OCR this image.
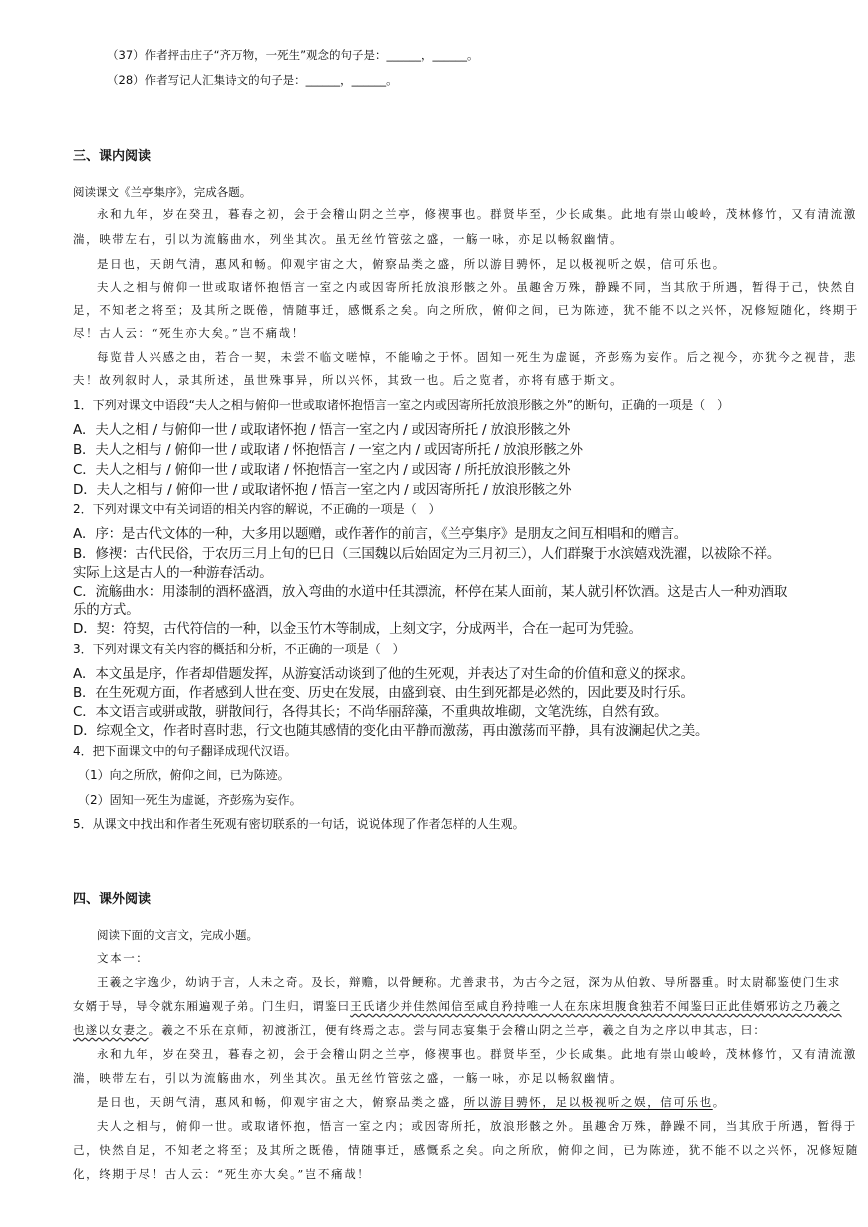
（37）作者抨击庄子“齐万物，一死生”观念的句子是：______，______。
（28）作者写记人汇集诗文的句子是：______，______。
三、课内阅读
阅读课文《兰亭集序》，完成各题。
永和九年，岁在癸丑，暮春之初，会于会稽山阴之兰亭，修禊事也。群贤毕至，少长咸集。此地有崇山峻岭，茂林修竹，又有清流激
湍，映带左右，引以为流觞曲水，列坐其次。虽无丝竹管弦之盛，一觞一咏，亦足以畅叙幽情。
是日也，天朗气清，惠风和畅。仰观宇宙之大，俯察品类之盛，所以游目骋怀，足以极视听之娱，信可乐也。
夫人之相与俯仰一世或取诸怀抱悟言一室之内或因寄所托放浪形骸之外。虽趣舍万殊，静躁不同，当其欣于所遇，暂得于己，快然自
足，不知老之将至；及其所之既倦，情随事迁，感慨系之矣。向之所欣，俯仰之间，已为陈迹，犹不能不以之兴怀，况修短随化，终期于
尽！古人云：“死生亦大矣。”岂不痛哉！
每览昔人兴感之由，若合一契，未尝不临文嗟悼，不能喻之于怀。固知一死生为虚诞，齐彭殇为妄作。后之视今，亦犹今之视昔，悲
夫！故列叙时人，录其所述，虽世殊事异，所以兴怀，其致一也。后之览者，亦将有感于斯文。
1．下列对课文中语段“夫人之相与俯仰一世或取诸怀抱悟言一室之内或因寄所托放浪形骸之外”的断句，正确的一项是（　）
A．夫人之相 / 与俯仰一世 / 或取诸怀抱 / 悟言一室之内 / 或因寄所托 / 放浪形骸之外
B．夫人之相与 / 俯仰一世 / 或取诸 / 怀抱悟言 / 一室之内 / 或因寄所托 / 放浪形骸之外
C．夫人之相与 / 俯仰一世 / 或取诸 / 怀抱悟言一室之内 / 或因寄 / 所托放浪形骸之外
D．夫人之相与 / 俯仰一世 / 或取诸怀抱 / 悟言一室之内 / 或因寄所托 / 放浪形骸之外
2．下列对课文中有关词语的相关内容的解说，不正确的一项是（　）
A．序：是古代文体的一种，大多用以题赠，或作著作的前言，《兰亭集序》是朋友之间互相唱和的赠言。
B．修禊：古代民俗，于农历三月上旬的巳日（三国魏以后始固定为三月初三），人们群聚于水滨嬉戏洗濯，以祓除不祥。
实际上这是古人的一种游春活动。
C．流觞曲水：用漆制的酒杯盛酒，放入弯曲的水道中任其漂流，杯停在某人面前，某人就引杯饮酒。这是古人一种劝酒取
乐的方式。
D．契：符契，古代符信的一种，以金玉竹木等制成，上刻文字，分成两半，合在一起可为凭验。
3．下列对课文有关内容的概括和分析，不正确的一项是（　）
A．本文虽是序，作者却借题发挥，从游宴活动谈到了他的生死观，并表达了对生命的价值和意义的探求。
B．在生死观方面，作者感到人世在变、历史在发展，由盛到衰、由生到死都是必然的，因此要及时行乐。
C．本文语言或骈或散，骈散间行，各得其长；不尚华丽辞藻，不重典故堆砌，文笔洗练，自然有致。
D．综观全文，作者时喜时悲，行文也随其感情的变化由平静而激荡，再由激荡而平静，具有波澜起伏之美。
4．把下面课文中的句子翻译成现代汉语。
（1）向之所欣，俯仰之间，已为陈迹。
（2）固知一死生为虚诞，齐彭殇为妄作。
5．从课文中找出和作者生死观有密切联系的一句话，说说体现了作者怎样的人生观。
四、课外阅读
阅读下面的文言文，完成小题。
文本一：
王羲之字逸少，幼讷于言，人未之奇。及长，辩赡，以骨鲠称。尤善隶书，为古今之冠，深为从伯敦、导所器重。时太尉郗鉴使门生求
女婿于导，导令就东厢遍观子弟。门生归，谓鉴曰王氏诸少并佳然闻信至咸自矜持唯一人在东床坦腹食独若不闻鉴曰正此佳婿邪访之乃羲之
也遂以女妻之。羲之不乐在京师，初渡浙江，便有终焉之志。尝与同志宴集于会稽山阴之兰亭，羲之自为之序以申其志，曰：
永和九年，岁在癸丑，暮春之初，会于会稽山阴之兰亭，修禊事也。群贤毕至，少长咸集。此地有崇山峻岭，茂林修竹，又有清流激
湍，映带左右，引以为流觞曲水，列坐其次。虽无丝竹管弦之盛，一觞一咏，亦足以畅叙幽情。
是日也，天朗气清，惠风和畅，仰观宇宙之大，俯察品类之盛，所以游目骋怀，足以极视听之娱，信可乐也。
夫人之相与，俯仰一世。或取诸怀抱，悟言一室之内；或因寄所托，放浪形骸之外。虽趣舍万殊，静躁不同，当其欣于所遇，暂得于
己，快然自足，不知老之将至；及其所之既倦，情随事迁，感慨系之矣。向之所欣，俯仰之间，已为陈迹，犹不能不以之兴怀，况修短随
化，终期于尽！古人云：“死生亦大矣。”岂不痛哉！
